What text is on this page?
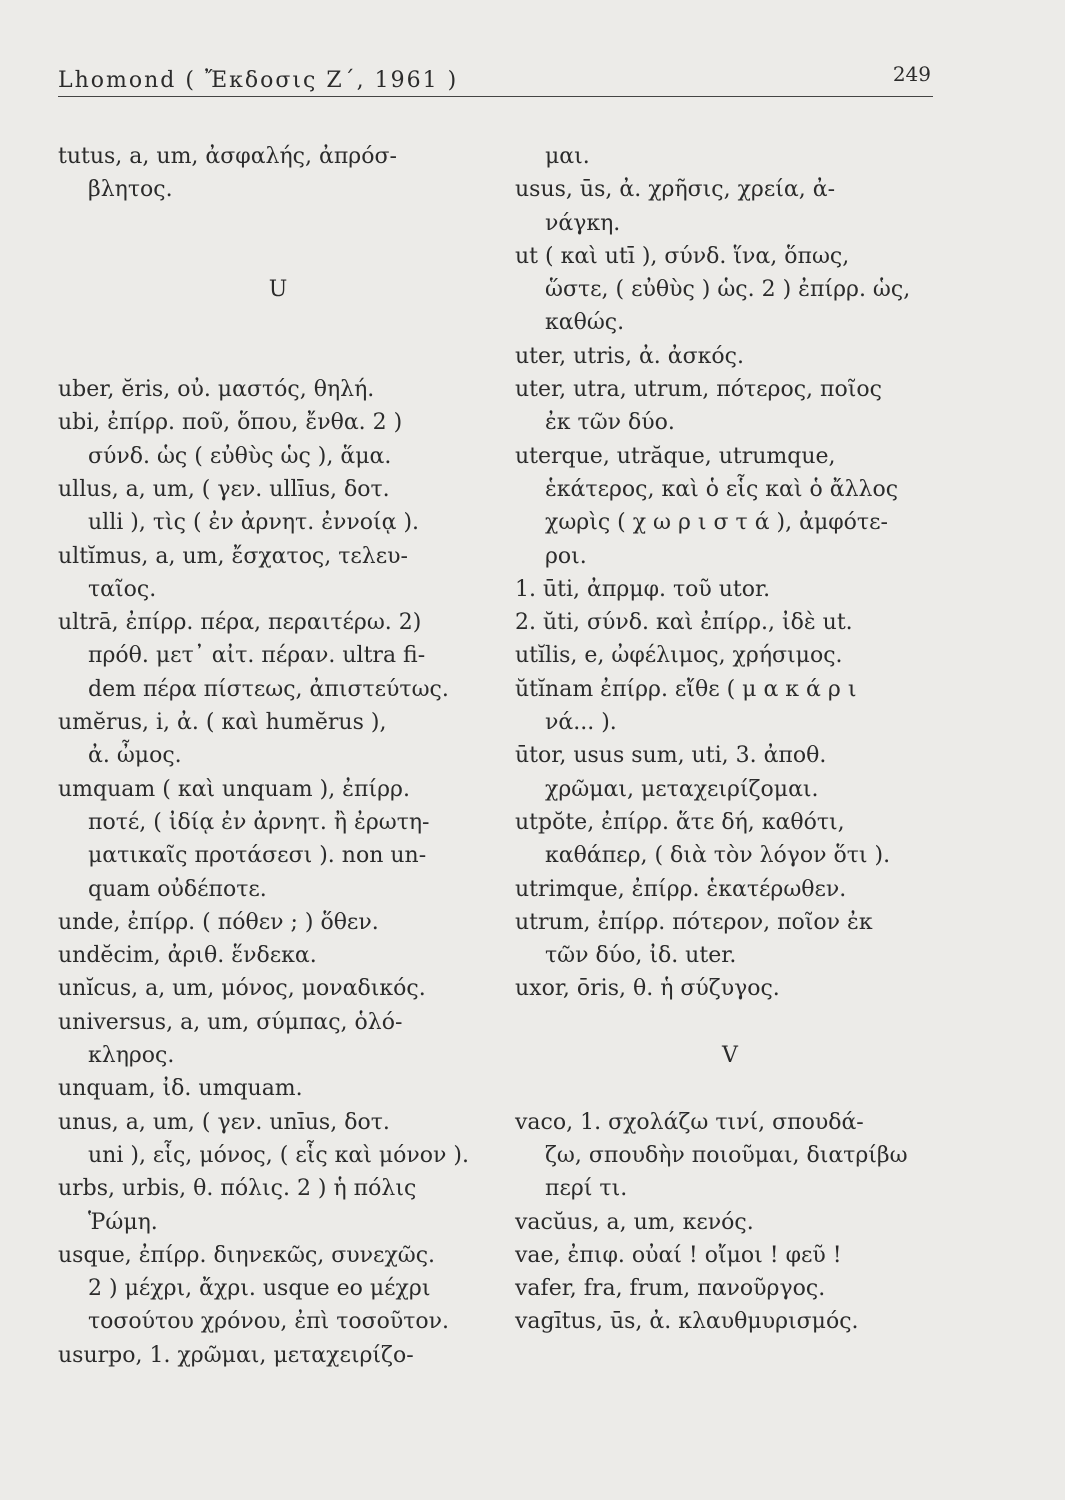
Lhomond ( Ἔκδοσις Ζ΄, 1961 )	249
tutus, a, um, ἀσφαλής, ἀπρόσ-
βλητος.
U
uber, ĕris, οὐ. μαστός, θηλή.
ubi, ἐπίρρ. ποῦ, ὅπου, ἔνθα. 2 )
σύνδ. ὡς ( εὐθὺς ὡς ), ἅμα.
ullus, a, um, ( γεν. ullīus, δοτ.
ulli ), τὶς ( ἐν ἀρνητ. ἐννοίᾳ ).
ultĭmus, a, um, ἔσχατος, τελευ-
ταῖος.
ultrā, ἐπίρρ. πέρα, περαιτέρω. 2)
πρόθ. μετ᾽ αἰτ. πέραν. ultra fi-
dem πέρα πίστεως, ἀπιστεύτως.
umĕrus, i, ἀ. ( καὶ humĕrus ),
ἀ. ὦμος.
umquam ( καὶ unquam ), ἐπίρρ.
ποτέ, ( ἰδίᾳ ἐν ἀρνητ. ἢ ἐρωτη-
ματικαῖς προτάσεσι ). non un-
quam οὐδέποτε.
unde, ἐπίρρ. ( πόθεν ; ) ὅθεν.
undĕcim, ἀριθ. ἕνδεκα.
unĭcus, a, um, μόνος, μοναδικός.
universus, a, um, σύμπας, ὁλό-
κληρος.
unquam, ἰδ. umquam.
unus, a, um, ( γεν. unīus, δοτ.
uni ), εἷς, μόνος, ( εἷς καὶ μόνον ).
urbs, urbis, θ. πόλις. 2 ) ἡ πόλις
Ῥώμη.
usque, ἐπίρρ. διηνεκῶς, συνεχῶς.
2 ) μέχρι, ἄχρι. usque eo μέχρι
τοσούτου χρόνου, ἐπὶ τοσοῦτον.
usurpo, 1. χρῶμαι, μεταχειρίζο-
μαι.
usus, ūs, ἀ. χρῆσις, χρεία, ἀ-
νάγκη.
ut ( καὶ utī ), σύνδ. ἵνα, ὅπως,
ὥστε, ( εὐθὺς ) ὡς. 2 ) ἐπίρρ. ὡς,
καθώς.
uter, utris, ἀ. ἀσκός.
uter, utra, utrum, πότερος, ποῖος
ἐκ τῶν δύο.
uterque, utrăque, utrumque,
ἑκάτερος, καὶ ὁ εἷς καὶ ὁ ἄλλος
χωρὶς ( χ ω ρ ι σ τ ά ), ἀμφότε-
ροι.
1. ūti, ἀπρμφ. τοῦ utor.
2. ŭti, σύνδ. καὶ ἐπίρρ., ἰδὲ ut.
utĭlis, e, ὠφέλιμος, χρήσιμος.
ŭtĭnam ἐπίρρ. εἴθε ( μ α κ ά ρ ι
νά... ).
ūtor, usus sum, uti, 3. ἀποθ.
χρῶμαι, μεταχειρίζομαι.
utpŏte, ἐπίρρ. ἅτε δή, καθότι,
καθάπερ, ( διὰ τὸν λόγον ὅτι ).
utrimque, ἐπίρρ. ἑκατέρωθεν.
utrum, ἐπίρρ. πότερον, ποῖον ἐκ
τῶν δύο, ἰδ. uter.
uxor, ōris, θ. ἡ σύζυγος.
V
vaco, 1. σχολάζω τινί, σπουδά-
ζω, σπουδὴν ποιοῦμαι, διατρίβω
περί τι.
vacŭus, a, um, κενός.
vae, ἐπιφ. οὐαί ! οἴμοι ! φεῦ !
vafer, fra, frum, πανοῦργος.
vagītus, ūs, ἀ. κλαυθμυρισμός.
